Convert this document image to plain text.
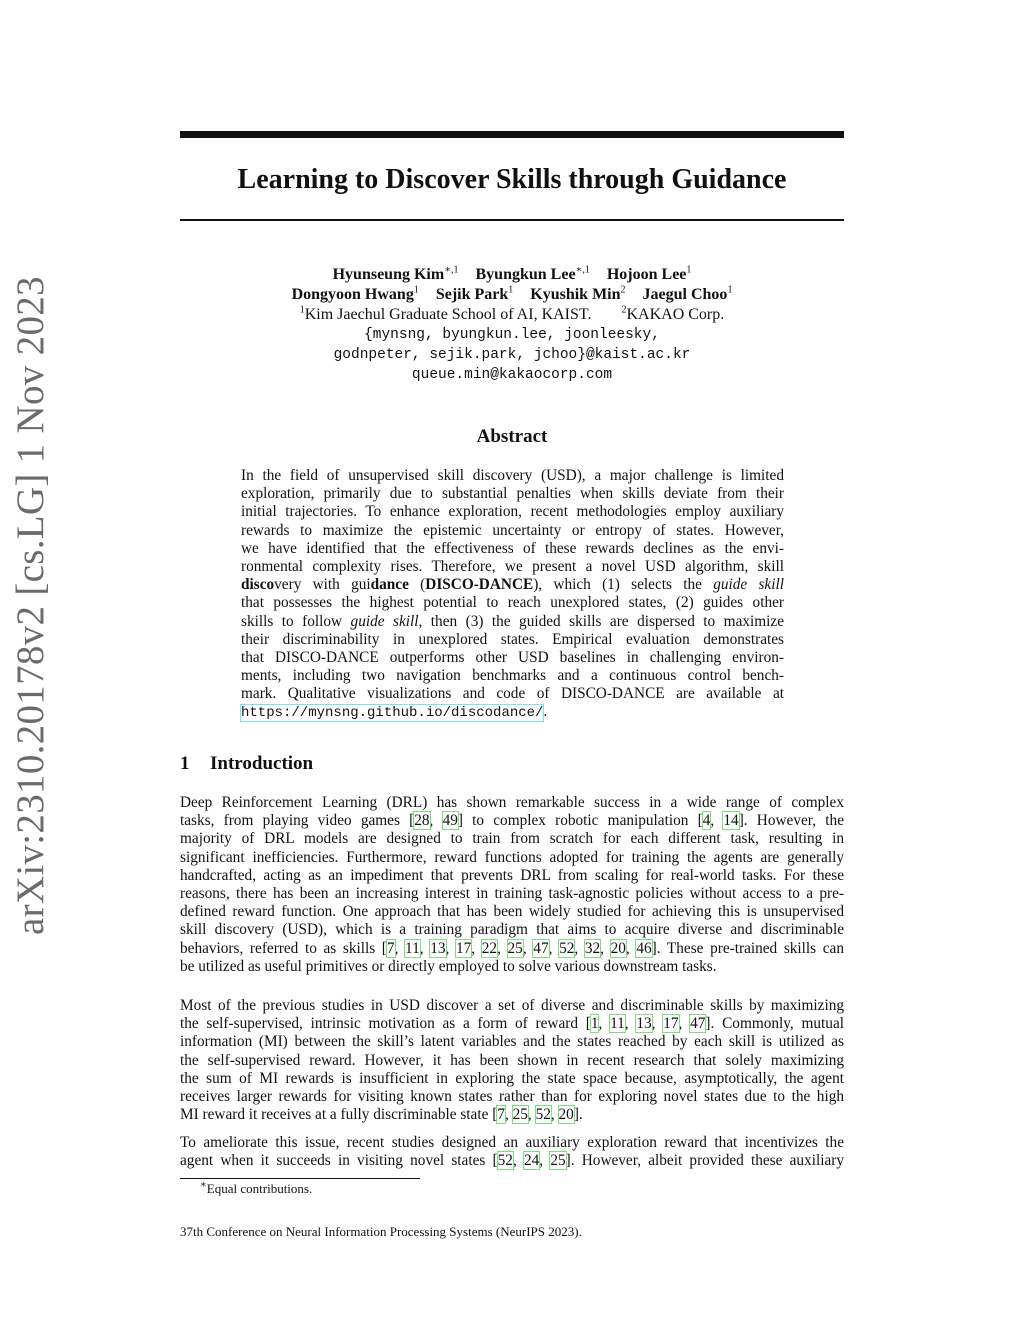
arXiv:2310.20178v2 [cs.LG] 1 Nov 2023
Learning to Discover Skills through Guidance
Hyunseung Kim$^{∗,1}$ Byungkun Lee$^{∗,1}$ Hojoon Lee$^1$
Dongyoon Hwang$^1$ Sejik Park$^1$ Kyushik Min$^2$ Jaegul Choo$^1$
$^1$Kim Jaechul Graduate School of AI, KAIST.	$^2$KAKAO Corp.
{mynsng, byungkun.lee, joonleesky,
godnpeter, sejik.park, jchoo}@kaist.ac.kr
queue.min@kakaocorp.com
Abstract
In the field of unsupervised skill discovery (USD), a major challenge is limited
exploration, primarily due to substantial penalties when skills deviate from their
initial trajectories. To enhance exploration, recent methodologies employ auxiliary
rewards to maximize the epistemic uncertainty or entropy of states. However,
we have identified that the effectiveness of these rewards declines as the envi-
ronmental complexity rises. Therefore, we present a novel USD algorithm, skill
discovery with guidance (DISCO-DANCE), which (1) selects the guide skill
that possesses the highest potential to reach unexplored states, (2) guides other
skills to follow guide skill, then (3) the guided skills are dispersed to maximize
their discriminability in unexplored states. Empirical evaluation demonstrates
that DISCO-DANCE outperforms other USD baselines in challenging environ-
ments, including two navigation benchmarks and a continuous control bench-
mark. Qualitative visualizations and code of DISCO-DANCE are available at
https://mynsng.github.io/discodance/.
1 Introduction
Deep Reinforcement Learning (DRL) has shown remarkable success in a wide range of complex
tasks, from playing video games [28, 49] to complex robotic manipulation [4, 14]. However, the
majority of DRL models are designed to train from scratch for each different task, resulting in
significant inefficiencies. Furthermore, reward functions adopted for training the agents are generally
handcrafted, acting as an impediment that prevents DRL from scaling for real-world tasks. For these
reasons, there has been an increasing interest in training task-agnostic policies without access to a pre-
defined reward function. One approach that has been widely studied for achieving this is unsupervised
skill discovery (USD), which is a training paradigm that aims to acquire diverse and discriminable
behaviors, referred to as skills [7, 11, 13, 17, 22, 25, 47, 52, 32, 20, 46]. These pre-trained skills can
be utilized as useful primitives or directly employed to solve various downstream tasks.
Most of the previous studies in USD discover a set of diverse and discriminable skills by maximizing
the self-supervised, intrinsic motivation as a form of reward [1, 11, 13, 17, 47]. Commonly, mutual
information (MI) between the skill’s latent variables and the states reached by each skill is utilized as
the self-supervised reward. However, it has been shown in recent research that solely maximizing
the sum of MI rewards is insufficient in exploring the state space because, asymptotically, the agent
receives larger rewards for visiting known states rather than for exploring novel states due to the high
MI reward it receives at a fully discriminable state [7, 25, 52, 20].
To ameliorate this issue, recent studies designed an auxiliary exploration reward that incentivizes the
agent when it succeeds in visiting novel states [52, 24, 25]. However, albeit provided these auxiliary
∗Equal contributions.
37th Conference on Neural Information Processing Systems (NeurIPS 2023).
